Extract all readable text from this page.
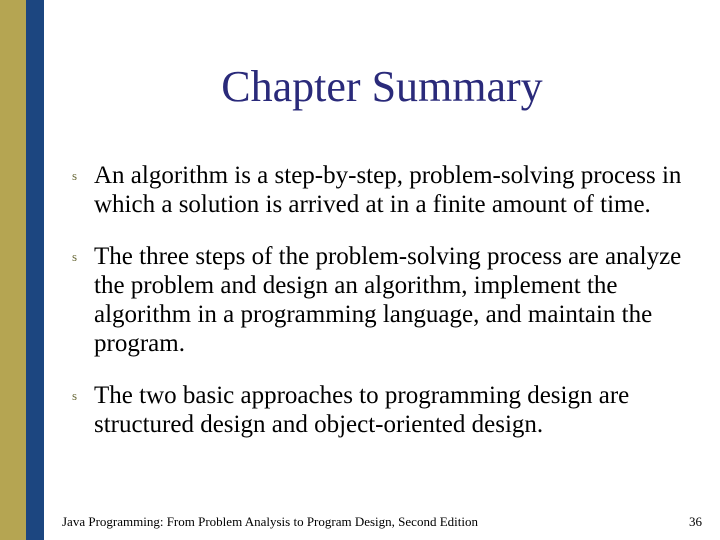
Chapter Summary
s An algorithm is a step-by-step, problem-solving process in which a solution is arrived at in a finite amount of time.
s The three steps of the problem-solving process are analyze the problem and design an algorithm, implement the algorithm in a programming language, and maintain the program.
s The two basic approaches to programming design are structured design and object-oriented design.
Java Programming: From Problem Analysis to Program Design, Second Edition	36
